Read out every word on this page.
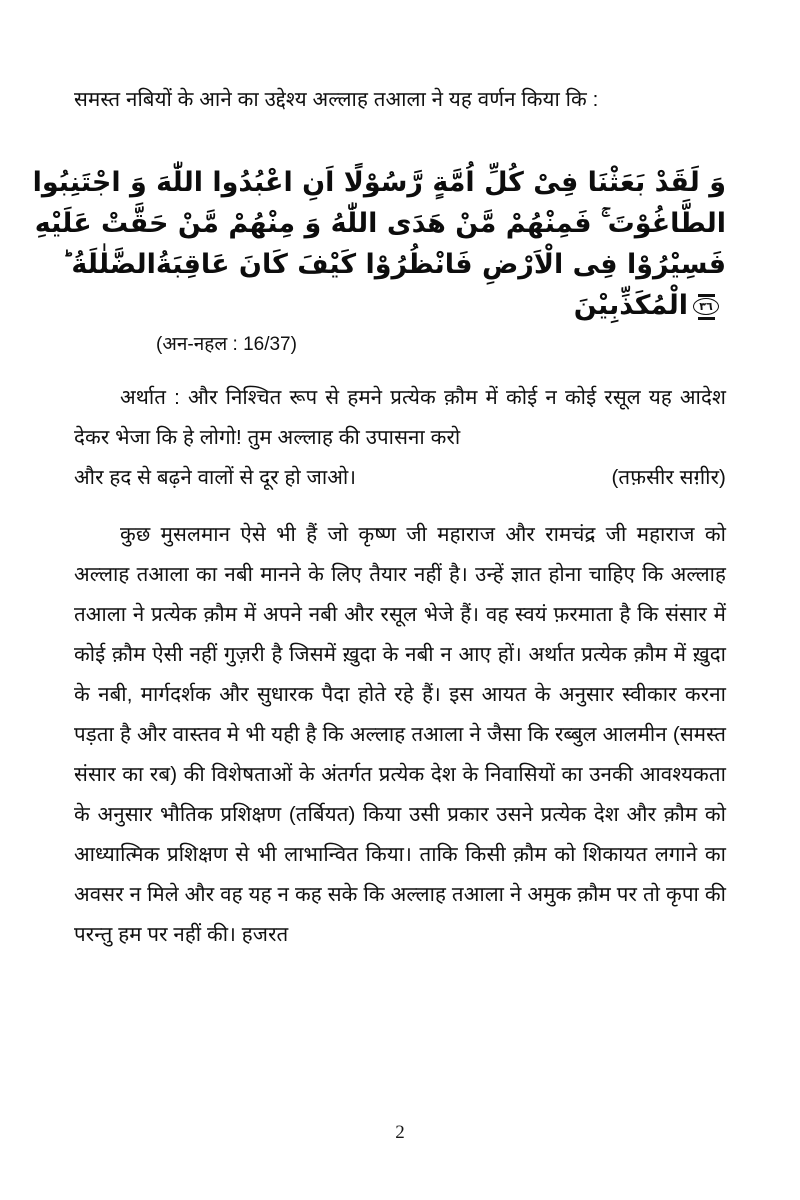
समस्त नबियों के आने का उद्देश्य अल्लाह तआला ने यह वर्णन किया कि :
وَ لَقَدْ بَعَثْنَا فِىْ كُلِّ اُمَّةٍ رَّسُوْلًا اَنِ اعْبُدُوا اللّٰهَ وَ اجْتَنِبُوا
الطَّاغُوْتَ ۚ فَمِنْهُمْ مَّنْ هَدَى اللّٰهُ وَ مِنْهُمْ مَّنْ حَقَّتْ عَلَيْهِ
فَسِيْرُوْا فِى الْاَرْضِ فَانْظُرُوْا كَيْفَ كَانَ عَاقِبَةُ
الضَّلٰلَةُ ؕ
٣٦
الْمُكَذِّبِيْنَ
(अन-नहल : 16/37)
अर्थात : और निश्चित रूप से हमने प्रत्येक क़ौम में कोई न कोई रसूल यह आदेश देकर भेजा कि हे लोगो! तुम अल्लाह की उपासना करो
और हद से बढ़ने वालों से दूर हो जाओ।	(तफ़सीर सग़ीर)
कुछ मुसलमान ऐसे भी हैं जो कृष्ण जी महाराज और रामचंद्र जी महाराज को अल्लाह तआला का नबी मानने के लिए तैयार नहीं है। उन्हें ज्ञात होना चाहिए कि अल्लाह तआला ने प्रत्येक क़ौम में अपने नबी और रसूल भेजे हैं। वह स्वयं फ़रमाता है कि संसार में कोई क़ौम ऐसी नहीं गुज़री है जिसमें ख़ुदा के नबी न आए हों। अर्थात प्रत्येक क़ौम में ख़ुदा के नबी, मार्गदर्शक और सुधारक पैदा होते रहे हैं। इस आयत के अनुसार स्वीकार करना पड़ता है और वास्तव मे भी यही है कि अल्लाह तआला ने जैसा कि रब्बुल आलमीन (समस्त संसार का रब) की विशेषताओं के अंतर्गत प्रत्येक देश के निवासियों का उनकी आवश्यकता के अनुसार भौतिक प्रशिक्षण (तर्बियत) किया उसी प्रकार उसने प्रत्येक देश और क़ौम को आध्यात्मिक प्रशिक्षण से भी लाभान्वित किया। ताकि किसी क़ौम को शिकायत लगाने का अवसर न मिले और वह यह न कह सके कि अल्लाह तआला ने अमुक क़ौम पर तो कृपा की परन्तु हम पर नहीं की। हजरत
2
